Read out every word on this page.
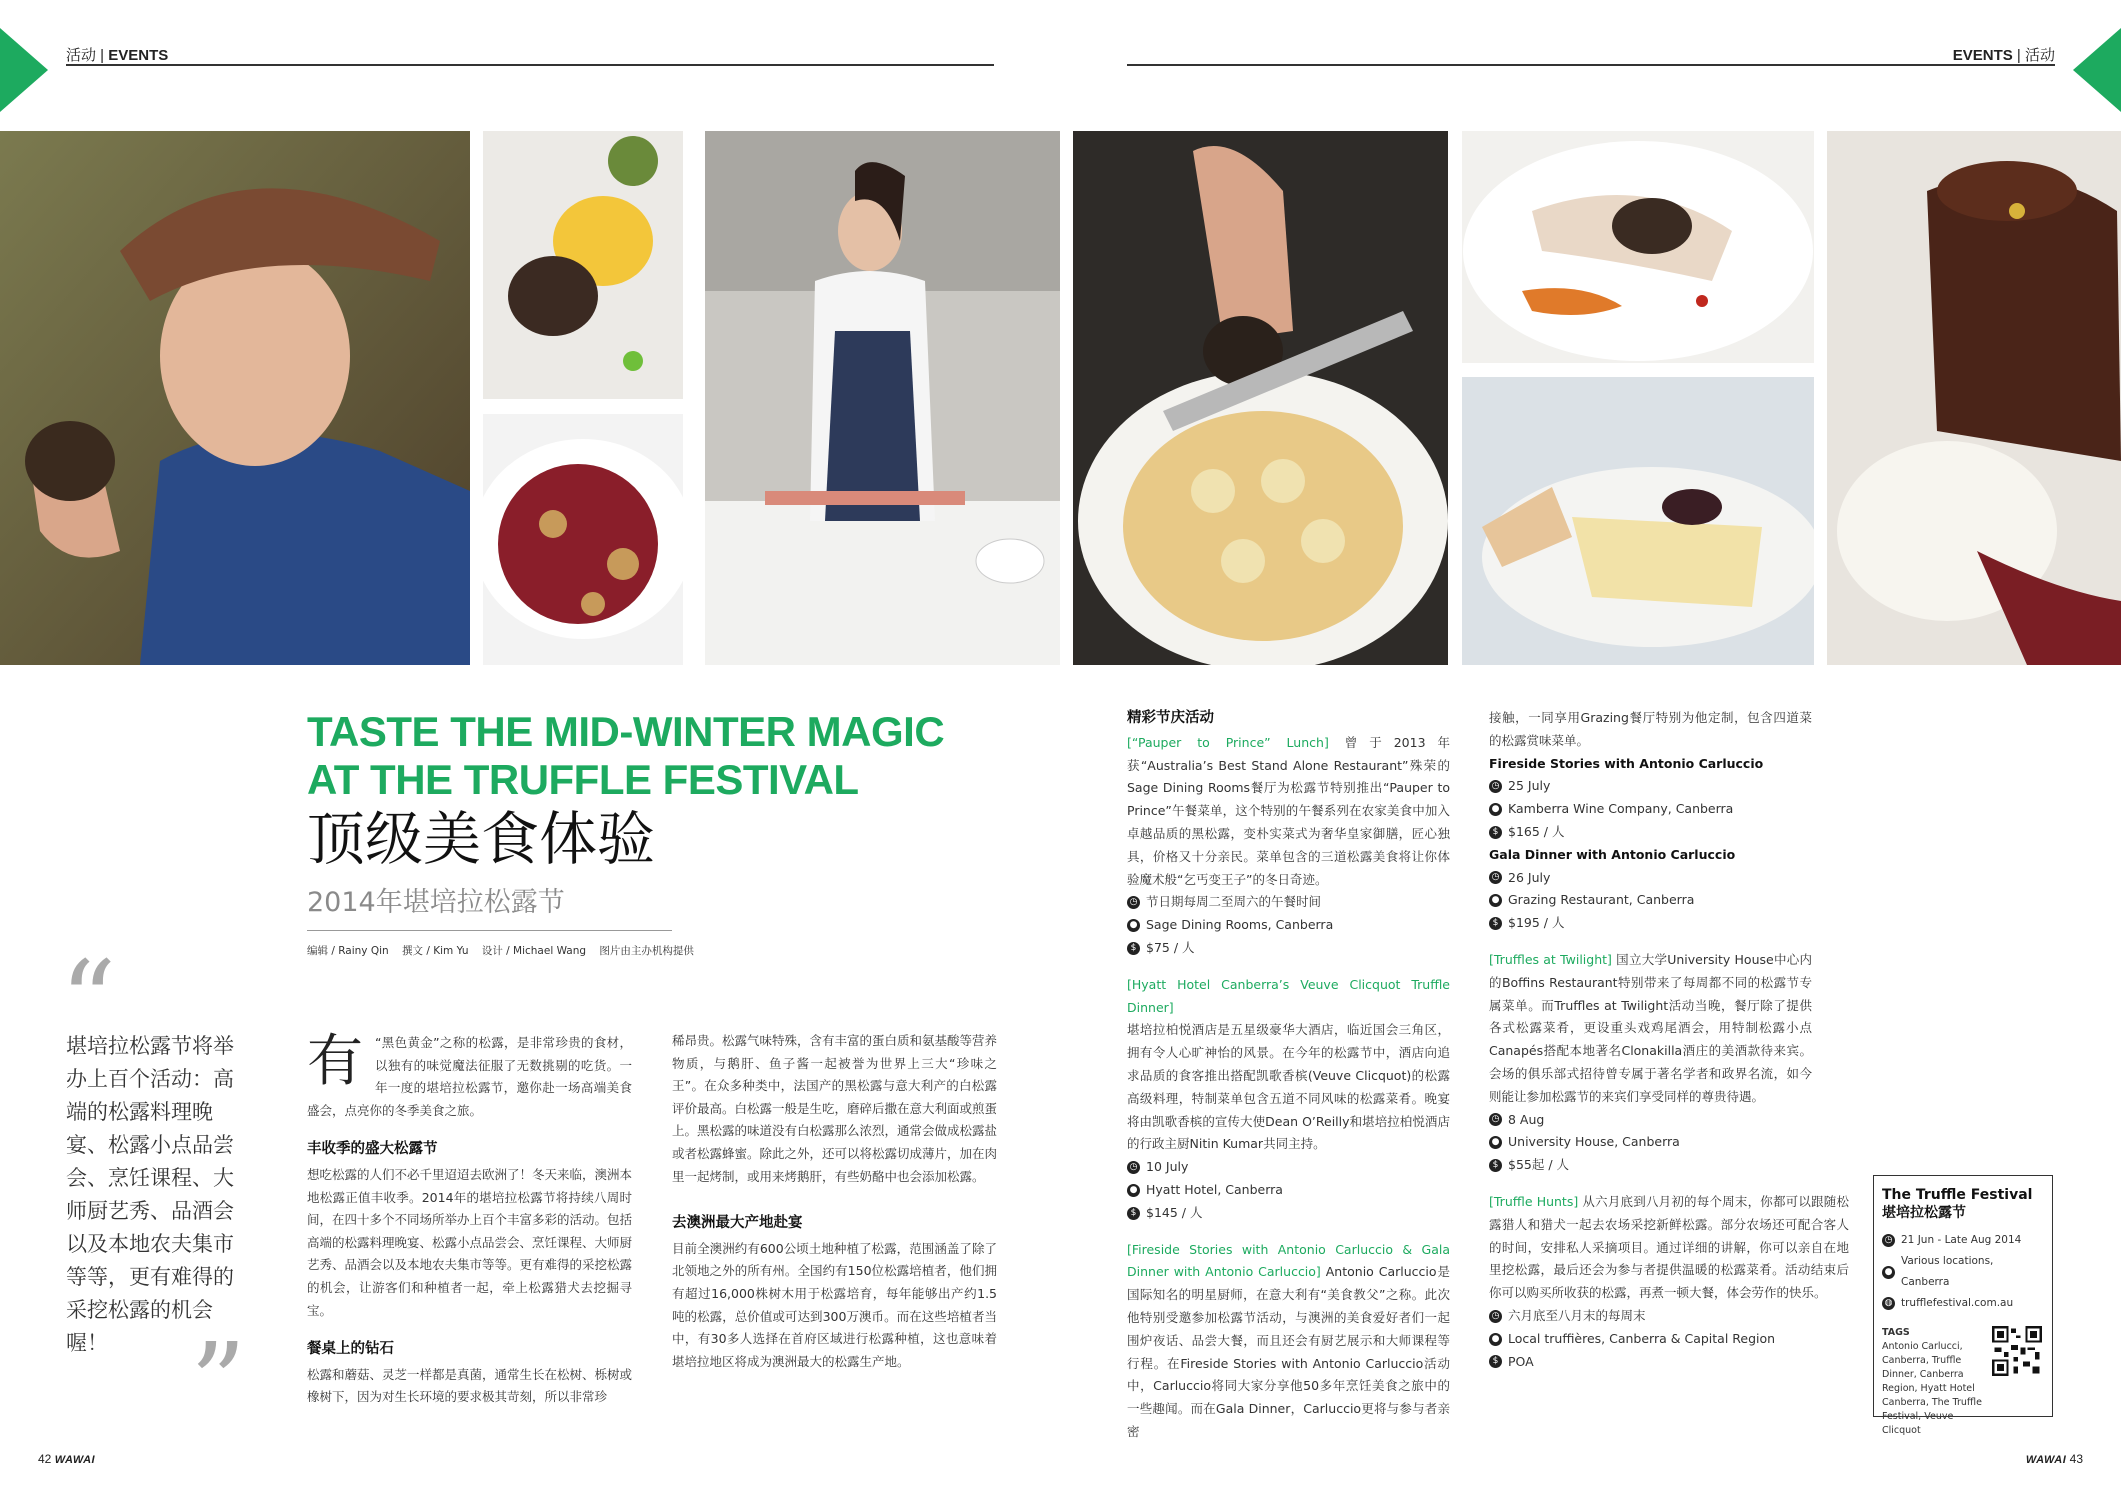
活动 | EVENTS	EVENTS | 活动
TASTE THE MID-WINTER MAGIC
AT THE TRUFFLE FESTIVAL
顶级美食体验
2014年堪培拉松露节
编辑 / Rainy Qin    撰文 / Kim Yu    设计 / Michael Wang    图片由主办机构提供
“
堪培拉松露节将举办上百个活动：高端的松露料理晚宴、松露小点品尝会、烹饪课程、大师厨艺秀、品酒会以及本地农夫集市等等，更有难得的采挖松露的机会喔！ ”
有 “黑色黄金”之称的松露，是非常珍贵的食材，以独有的味觉魔法征服了无数挑剔的吃货。一年一度的堪培拉松露节，邀你赴一场高端美食盛会，点亮你的冬季美食之旅。

丰收季的盛大松露节

想吃松露的人们不必千里迢迢去欧洲了！冬天来临，澳洲本地松露正值丰收季。2014年的堪培拉松露节将持续八周时间，在四十多个不同场所举办上百个丰富多彩的活动。包括高端的松露料理晚宴、松露小点品尝会、烹饪课程、大师厨艺秀、品酒会以及本地农夫集市等等。更有难得的采挖松露的机会，让游客们和种植者一起，牵上松露猎犬去挖掘寻宝。

餐桌上的钻石

松露和蘑菇、灵芝一样都是真菌，通常生长在松树、栎树或橡树下，因为对生长环境的要求极其苛刻，所以非常珍

稀昂贵。松露气味特殊，含有丰富的蛋白质和氨基酸等营养物质，与鹅肝、鱼子酱一起被誉为世界上三大“珍味之王”。在众多种类中，法国产的黑松露与意大利产的白松露评价最高。白松露一般是生吃，磨碎后撒在意大利面或煎蛋上。黑松露的味道没有白松露那么浓烈，通常会做成松露盐或者松露蜂蜜。除此之外，还可以将松露切成薄片，加在肉里一起烤制，或用来烤鹅肝，有些奶酪中也会添加松露。

去澳洲最大产地赴宴

目前全澳洲约有600公顷土地种植了松露，范围涵盖了除了北领地之外的所有州。全国约有150位松露培植者，他们拥有超过16,000株树木用于松露培育，每年能够出产约1.5吨的松露，总价值或可达到300万澳币。而在这些培植者当中，有30多人选择在首府区域进行松露种植，这也意味着堪培拉地区将成为澳洲最大的松露生产地。

精彩节庆活动

[“Pauper to Prince” Lunch] 曾于2013年获“Australia’s Best Stand Alone Restaurant”殊荣的Sage Dining Rooms餐厅为松露节特别推出“Pauper to Prince”午餐菜单，这个特别的午餐系列在农家美食中加入卓越品质的黑松露，变朴实菜式为奢华皇家御膳，匠心独具，价格又十分亲民。菜单包含的三道松露美食将让你体验魔术般“乞丐变王子”的冬日奇迹。

◷ 节日期每周二至周六的午餐时间
● Sage Dining Rooms, Canberra
$ $75 / 人

[Hyatt Hotel Canberra’s Veuve Clicquot Truffle Dinner]
堪培拉柏悦酒店是五星级豪华大酒店，临近国会三角区，拥有令人心旷神怡的风景。在今年的松露节中，酒店向追求品质的食客推出搭配凯歌香槟(Veuve Clicquot)的松露高级料理，特制菜单包含五道不同风味的松露菜肴。晚宴将由凯歌香槟的宣传大使Dean O’Reilly和堪培拉柏悦酒店的行政主厨Nitin Kumar共同主持。

◷ 10 July
● Hyatt Hotel, Canberra
$ $145 / 人

[Fireside Stories with Antonio Carluccio & Gala Dinner with Antonio Carluccio] Antonio Carluccio是国际知名的明星厨师，在意大利有“美食教父”之称。此次他特别受邀参加松露节活动，与澳洲的美食爱好者们一起围炉夜话、品尝大餐，而且还会有厨艺展示和大师课程等行程。在Fireside Stories with Antonio Carluccio活动中，Carluccio将同大家分享他50多年烹饪美食之旅中的一些趣闻。而在Gala Dinner，Carluccio更将与参与者亲密

接触，一同享用Grazing餐厅特别为他定制，包含四道菜的松露赏味菜单。

Fireside Stories with Antonio Carluccio
◷ 25 July
● Kamberra Wine Company, Canberra
$ $165 / 人
Gala Dinner with Antonio Carluccio
◷ 26 July
● Grazing Restaurant, Canberra
$ $195 / 人

[Truffles at Twilight] 国立大学University House中心内的Boffins Restaurant特别带来了每周都不同的松露节专属菜单。而Truffles at Twilight活动当晚，餐厅除了提供各式松露菜肴，更设重头戏鸡尾酒会，用特制松露小点Canapés搭配本地著名Clonakilla酒庄的美酒款待来宾。会场的俱乐部式招待曾专属于著名学者和政界名流，如今则能让参加松露节的来宾们享受同样的尊贵待遇。

◷ 8 Aug
● University House, Canberra
$ $55起 / 人

[Truffle Hunts] 从六月底到八月初的每个周末，你都可以跟随松露猎人和猎犬一起去农场采挖新鲜松露。部分农场还可配合客人的时间，安排私人采摘项目。通过详细的讲解，你可以亲自在地里挖松露，最后还会为参与者提供温暖的松露菜肴。活动结束后你可以购买所收获的松露，再煮一顿大餐，体会劳作的快乐。

◷ 六月底至八月末的每周末
● Local truffières, Canberra & Capital Region
$ POA
The Truffle Festival
堪培拉松露节
◷ 21 Jun - Late Aug 2014
●
Various locations, Canberra
◍ trufflefestival.com.au
TAGS
Antonio Carlucci, Canberra, Truffle Dinner, Canberra Region, Hyatt Hotel Canberra, The Truffle Festival, Veuve Clicquot
42 WAWAI	WAWAI 43
